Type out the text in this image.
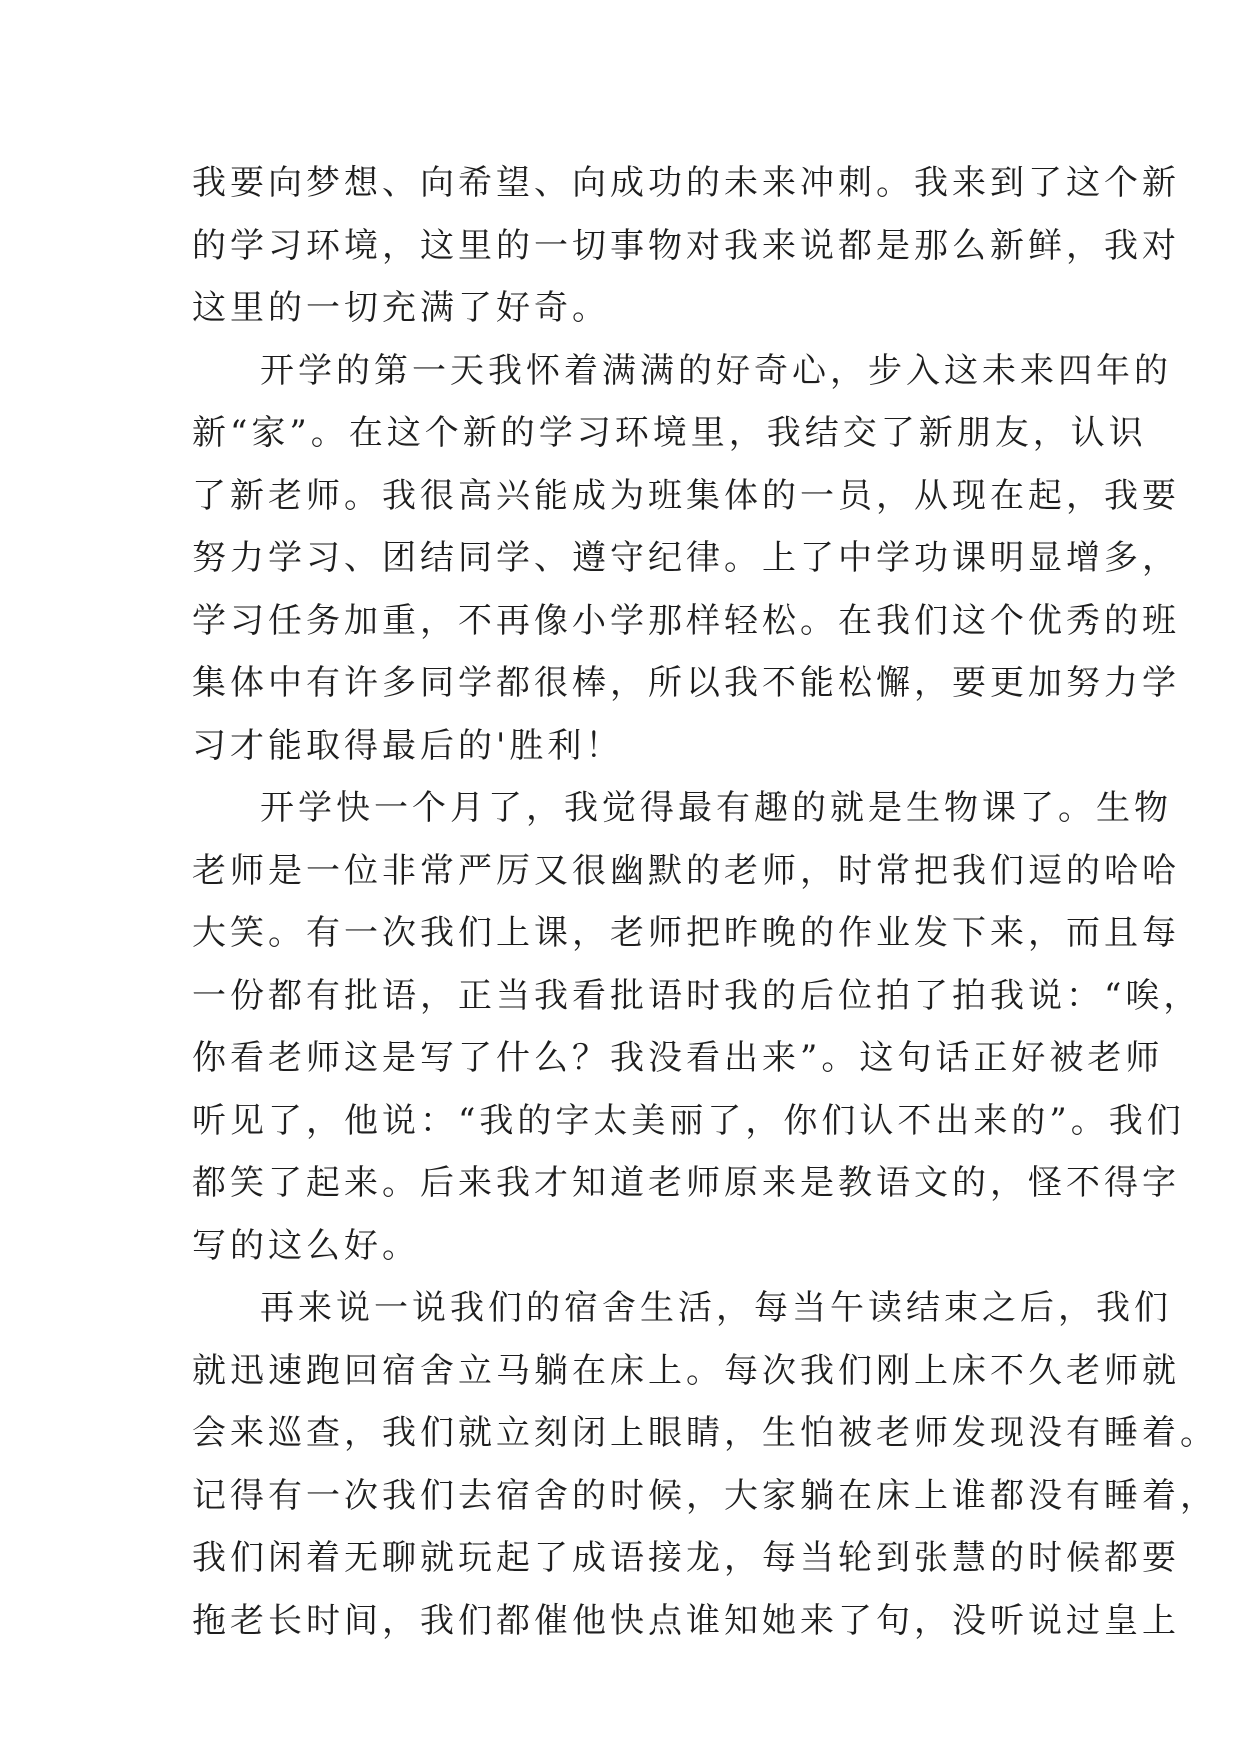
我要向梦想、向希望、向成功的未来冲刺。我来到了这个新
的学习环境，这里的一切事物对我来说都是那么新鲜，我对
这里的一切充满了好奇。
开学的第一天我怀着满满的好奇心，步入这未来四年的
新“家”。在这个新的学习环境里，我结交了新朋友，认识
了新老师。我很高兴能成为班集体的一员，从现在起，我要
努力学习、团结同学、遵守纪律。上了中学功课明显增多，
学习任务加重，不再像小学那样轻松。在我们这个优秀的班
集体中有许多同学都很棒，所以我不能松懈，要更加努力学
习才能取得最后的'胜利！
开学快一个月了，我觉得最有趣的就是生物课了。生物
老师是一位非常严厉又很幽默的老师，时常把我们逗的哈哈
大笑。有一次我们上课，老师把昨晚的作业发下来，而且每
一份都有批语，正当我看批语时我的后位拍了拍我说：“唉，
你看老师这是写了什么？我没看出来”。这句话正好被老师
听见了，他说：“我的字太美丽了，你们认不出来的”。我们
都笑了起来。后来我才知道老师原来是教语文的，怪不得字
写的这么好。
再来说一说我们的宿舍生活，每当午读结束之后，我们
就迅速跑回宿舍立马躺在床上。每次我们刚上床不久老师就
会来巡查，我们就立刻闭上眼睛，生怕被老师发现没有睡着。
记得有一次我们去宿舍的时候，大家躺在床上谁都没有睡着，
我们闲着无聊就玩起了成语接龙，每当轮到张慧的时候都要
拖老长时间，我们都催他快点谁知她来了句，没听说过皇上
